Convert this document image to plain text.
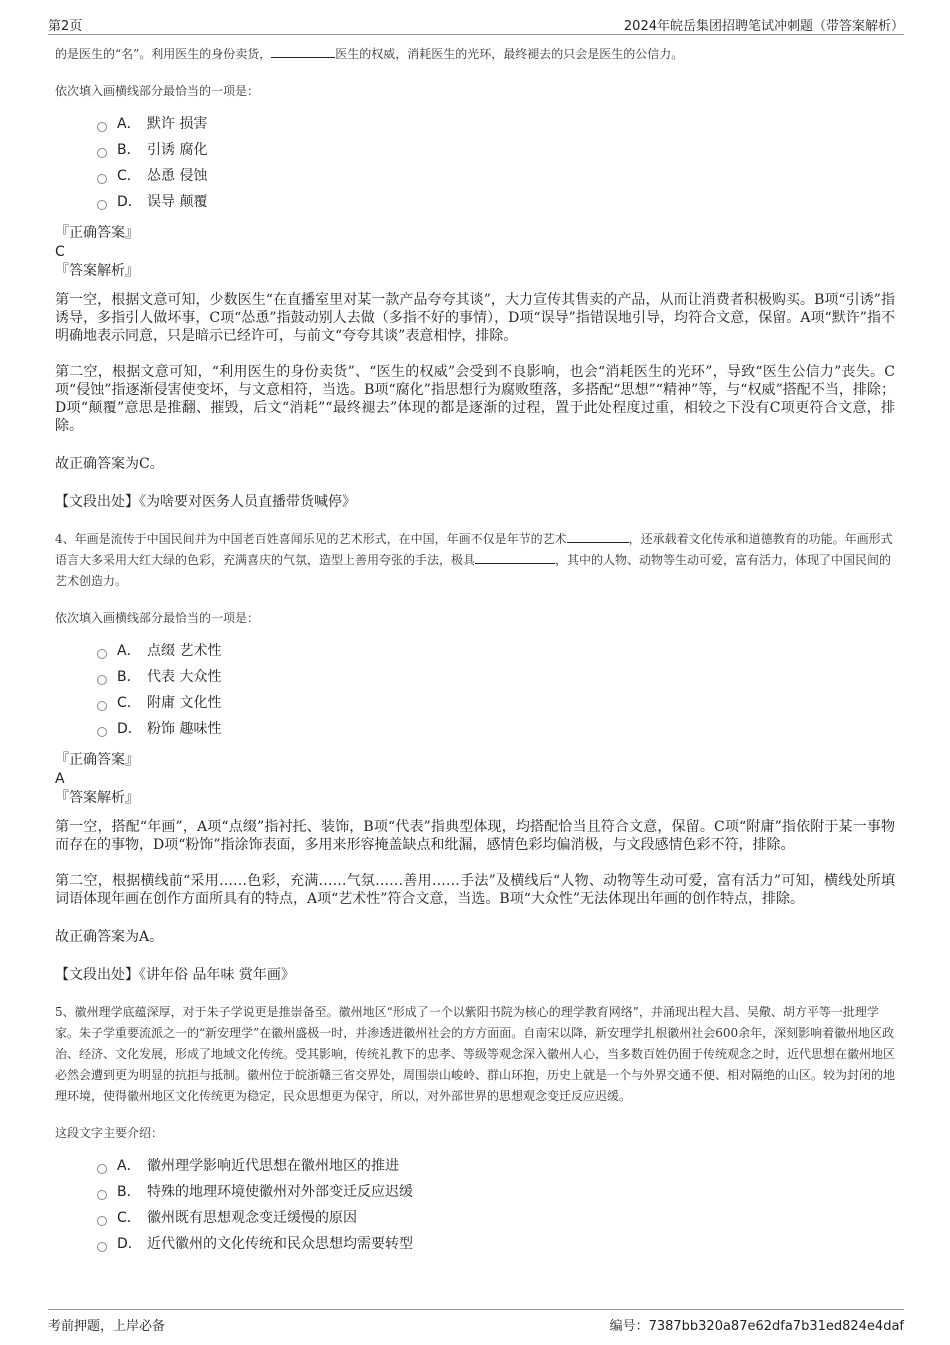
第2页	2024年皖岳集团招聘笔试冲刺题（带答案解析）

的是医生的“名”。利用医生的身份卖货，	医生的权威，消耗医生的光环，最终褪去的只会是医生的公信力。

依次填入画横线部分最恰当的一项是：

A． 默许 损害
B． 引诱 腐化
C． 怂恿 侵蚀
D． 误导 颠覆

『正确答案』

C

『答案解析』

第一空，根据文意可知，少数医生“在直播室里对某一款产品夸夸其谈”，大力宣传其售卖的产品，从而让消费者积极购买。B项“引诱”指诱导，多指引人做坏事，C项“怂恿”指鼓动别人去做（多指不好的事情），D项“误导”指错误地引导，均符合文意，保留。A项“默许”指不明确地表示同意，只是暗示已经许可，与前文“夸夸其谈”表意相悖，排除。

第二空，根据文意可知，“利用医生的身份卖货”、“医生的权威”会受到不良影响，也会“消耗医生的光环”，导致“医生公信力”丧失。C项“侵蚀”指逐渐侵害使变坏，与文意相符，当选。B项“腐化”指思想行为腐败堕落，多搭配“思想”“精神”等，与“权威”搭配不当，排除；D项“颠覆”意思是推翻、摧毁，后文“消耗”“最终褪去”体现的都是逐渐的过程，置于此处程度过重，相较之下没有C项更符合文意，排除。

故正确答案为C。

【文段出处】《为啥要对医务人员直播带货喊停》

4、年画是流传于中国民间并为中国老百姓喜闻乐见的艺术形式，在中国，年画不仅是年节的艺术	，还承载着文化传承和道德教育的功能。年画形式语言大多采用大红大绿的色彩，充满喜庆的气氛，造型上善用夸张的手法，极具	，其中的人物、动物等生动可爱，富有活力，体现了中国民间的艺术创造力。

依次填入画横线部分最恰当的一项是：

A． 点缀 艺术性
B． 代表 大众性
C． 附庸 文化性
D． 粉饰 趣味性

『正确答案』

A

『答案解析』

第一空，搭配“年画”，A项“点缀”指衬托、装饰，B项“代表”指典型体现，均搭配恰当且符合文意，保留。C项“附庸”指依附于某一事物而存在的事物，D项“粉饰”指涂饰表面，多用来形容掩盖缺点和纰漏，感情色彩均偏消极，与文段感情色彩不符，排除。

第二空，根据横线前“采用……色彩，充满……气氛……善用……手法”及横线后“人物、动物等生动可爱，富有活力”可知，横线处所填词语体现年画在创作方面所具有的特点，A项“艺术性”符合文意，当选。B项“大众性”无法体现出年画的创作特点，排除。

故正确答案为A。

【文段出处】《讲年俗 品年味 赏年画》

5、徽州理学底蕴深厚，对于朱子学说更是推崇备至。徽州地区“形成了一个以紫阳书院为核心的理学教育网络”，并涌现出程大昌、吴儆、胡方平等一批理学家。朱子学重要流派之一的“新安理学”在徽州盛极一时，并渗透进徽州社会的方方面面。自南宋以降，新安理学扎根徽州社会600余年，深刻影响着徽州地区政治、经济、文化发展，形成了地域文化传统。受其影响，传统礼教下的忠孝、等级等观念深入徽州人心，当多数百姓仍囿于传统观念之时，近代思想在徽州地区必然会遭到更为明显的抗拒与抵制。徽州位于皖浙赣三省交界处，周围崇山峻岭、群山环抱，历史上就是一个与外界交通不便、相对隔绝的山区。较为封闭的地理环境，使得徽州地区文化传统更为稳定，民众思想更为保守，所以，对外部世界的思想观念变迁反应迟缓。

这段文字主要介绍：

A． 徽州理学影响近代思想在徽州地区的推进
B． 特殊的地理环境使徽州对外部变迁反应迟缓
C． 徽州既有思想观念变迁缓慢的原因
D． 近代徽州的文化传统和民众思想均需要转型
考前押题，上岸必备	编号：7387bb320a87e62dfa7b31ed824e4daf
